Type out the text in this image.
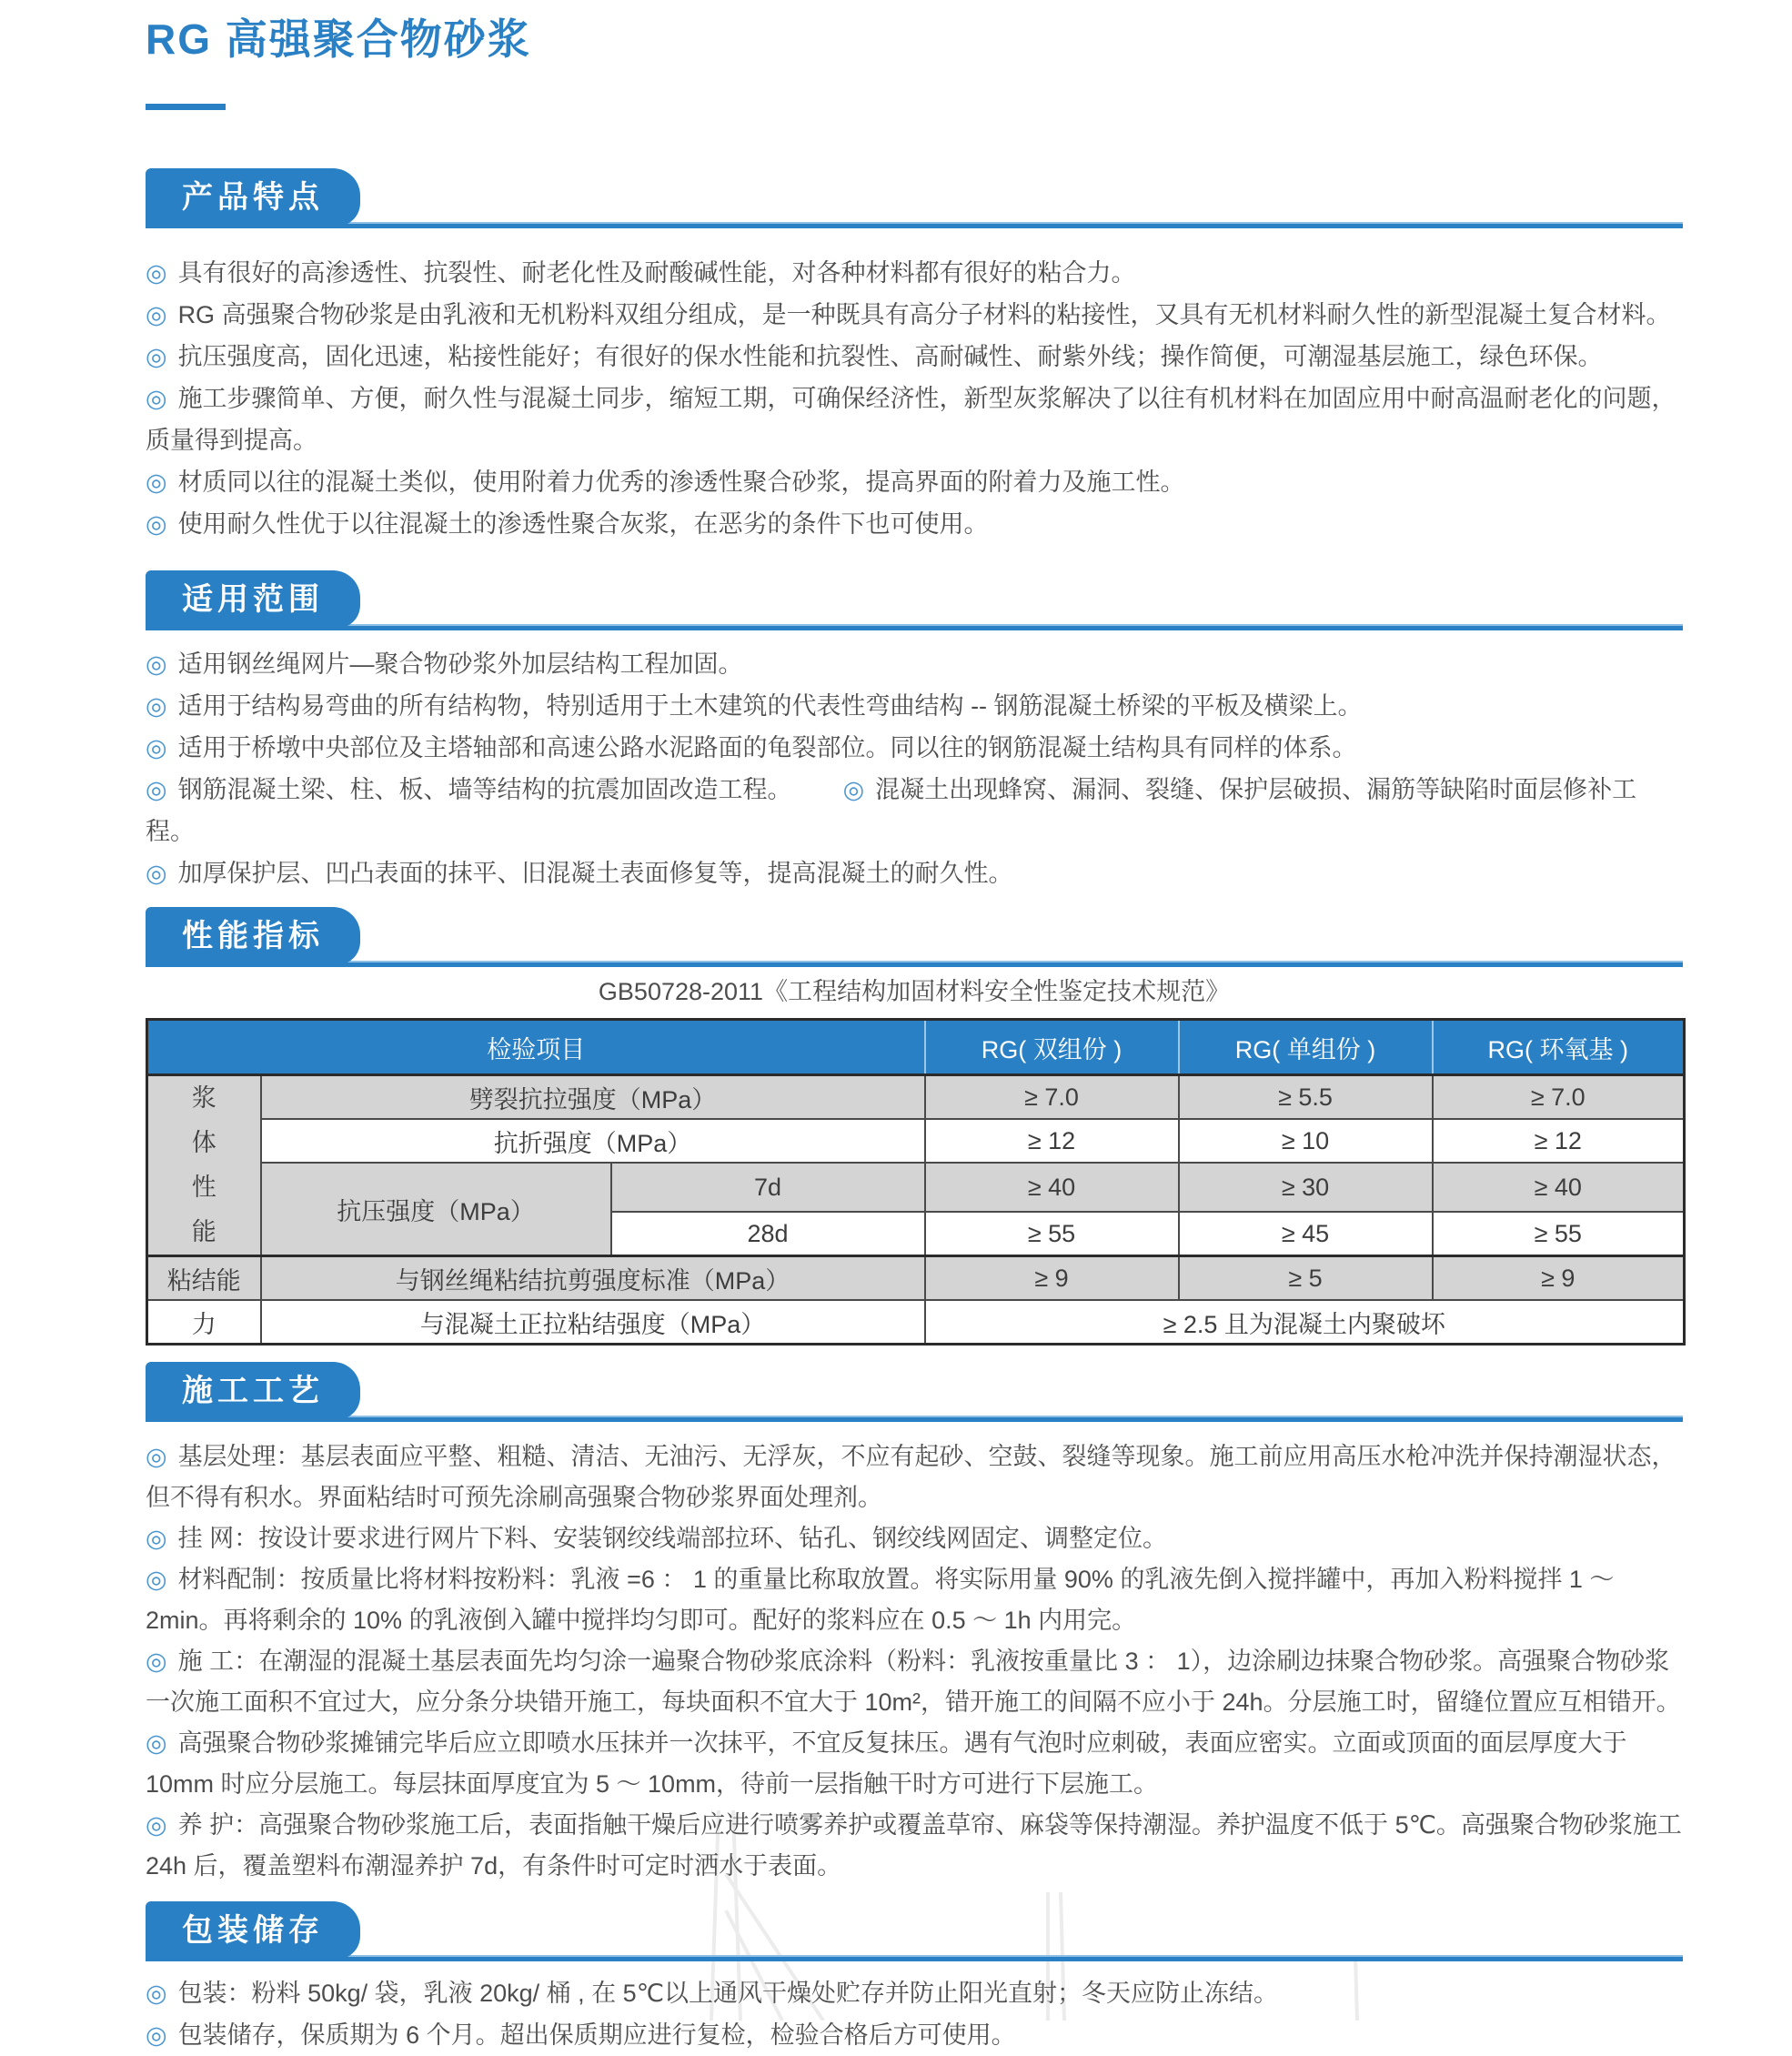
RG 高强聚合物砂浆
产品特点

◎ 具有很好的高渗透性、抗裂性、耐老化性及耐酸碱性能，对各种材料都有很好的粘合力。

◎ RG 高强聚合物砂浆是由乳液和无机粉料双组分组成，是一种既具有高分子材料的粘接性，又具有无机材料耐久性的新型混凝土复合材料。

◎ 抗压强度高，固化迅速，粘接性能好；有很好的保水性能和抗裂性、高耐碱性、耐紫外线；操作简便，可潮湿基层施工，绿色环保。

◎ 施工步骤简单、方便，耐久性与混凝土同步，缩短工期，可确保经济性，新型灰浆解决了以往有机材料在加固应用中耐高温耐老化的问题，质量得到提高。

◎ 材质同以往的混凝土类似，使用附着力优秀的渗透性聚合砂浆，提高界面的附着力及施工性。

◎ 使用耐久性优于以往混凝土的渗透性聚合灰浆，在恶劣的条件下也可使用。

适用范围

◎ 适用钢丝绳网片—聚合物砂浆外加层结构工程加固。

◎ 适用于结构易弯曲的所有结构物，特别适用于土木建筑的代表性弯曲结构 -- 钢筋混凝土桥梁的平板及横梁上。

◎ 适用于桥墩中央部位及主塔轴部和高速公路水泥路面的龟裂部位。同以往的钢筋混凝土结构具有同样的体系。

◎ 钢筋混凝土梁、柱、板、墙等结构的抗震加固改造工程。 ◎ 混凝土出现蜂窝、漏洞、裂缝、保护层破损、漏筋等缺陷时面层修补工程。

◎ 加厚保护层、凹凸表面的抹平、旧混凝土表面修复等，提高混凝土的耐久性。

性能指标
GB50728-2011《工程结构加固材料安全性鉴定技术规范》
检验项目			RG( 双组份 )	RG( 单组份 )	RG( 环氧基 )

浆
体
性
能	劈裂抗拉强度（MPa）		≥ 7.0	≥ 5.5	≥ 7.0
	抗折强度（MPa）		≥ 12	≥ 10	≥ 12
	抗压强度（MPa）	7d	≥ 40	≥ 30	≥ 40
		28d	≥ 55	≥ 45	≥ 55
粘结能	与钢丝绳粘结抗剪强度标准（MPa）		≥ 9	≥ 5	≥ 9
力	与混凝土正拉粘结强度（MPa）		≥ 2.5 且为混凝土内聚破坏		
施工工艺

◎ 基层处理：基层表面应平整、粗糙、清洁、无油污、无浮灰，不应有起砂、空鼓、裂缝等现象。施工前应用高压水枪冲洗并保持潮湿状态，但不得有积水。界面粘结时可预先涂刷高强聚合物砂浆界面处理剂。

◎ 挂 网：按设计要求进行网片下料、安装钢绞线端部拉环、钻孔、钢绞线网固定、调整定位。

◎ 材料配制：按质量比将材料按粉料：乳液 =6 ： 1 的重量比称取放置。将实际用量 90% 的乳液先倒入搅拌罐中，再加入粉料搅拌 1 ～ 2min。再将剩余的 10% 的乳液倒入罐中搅拌均匀即可。配好的浆料应在 0.5 ～ 1h 内用完。

◎ 施 工：在潮湿的混凝土基层表面先均匀涂一遍聚合物砂浆底涂料（粉料：乳液按重量比 3 ： 1），边涂刷边抹聚合物砂浆。高强聚合物砂浆一次施工面积不宜过大，应分条分块错开施工，每块面积不宜大于 10m²，错开施工的间隔不应小于 24h。分层施工时，留缝位置应互相错开。

◎ 高强聚合物砂浆摊铺完毕后应立即喷水压抹并一次抹平，不宜反复抹压。遇有气泡时应刺破，表面应密实。立面或顶面的面层厚度大于 10mm 时应分层施工。每层抹面厚度宜为 5 ～ 10mm，待前一层指触干时方可进行下层施工。

◎ 养 护：高强聚合物砂浆施工后，表面指触干燥后应进行喷雾养护或覆盖草帘、麻袋等保持潮湿。养护温度不低于 5℃。高强聚合物砂浆施工 24h 后，覆盖塑料布潮湿养护 7d，有条件时可定时洒水于表面。

包装储存

◎ 包装：粉料 50kg/ 袋，乳液 20kg/ 桶 , 在 5℃以上通风干燥处贮存并防止阳光直射；冬天应防止冻结。

◎ 包装储存，保质期为 6 个月。超出保质期应进行复检，检验合格后方可使用。
